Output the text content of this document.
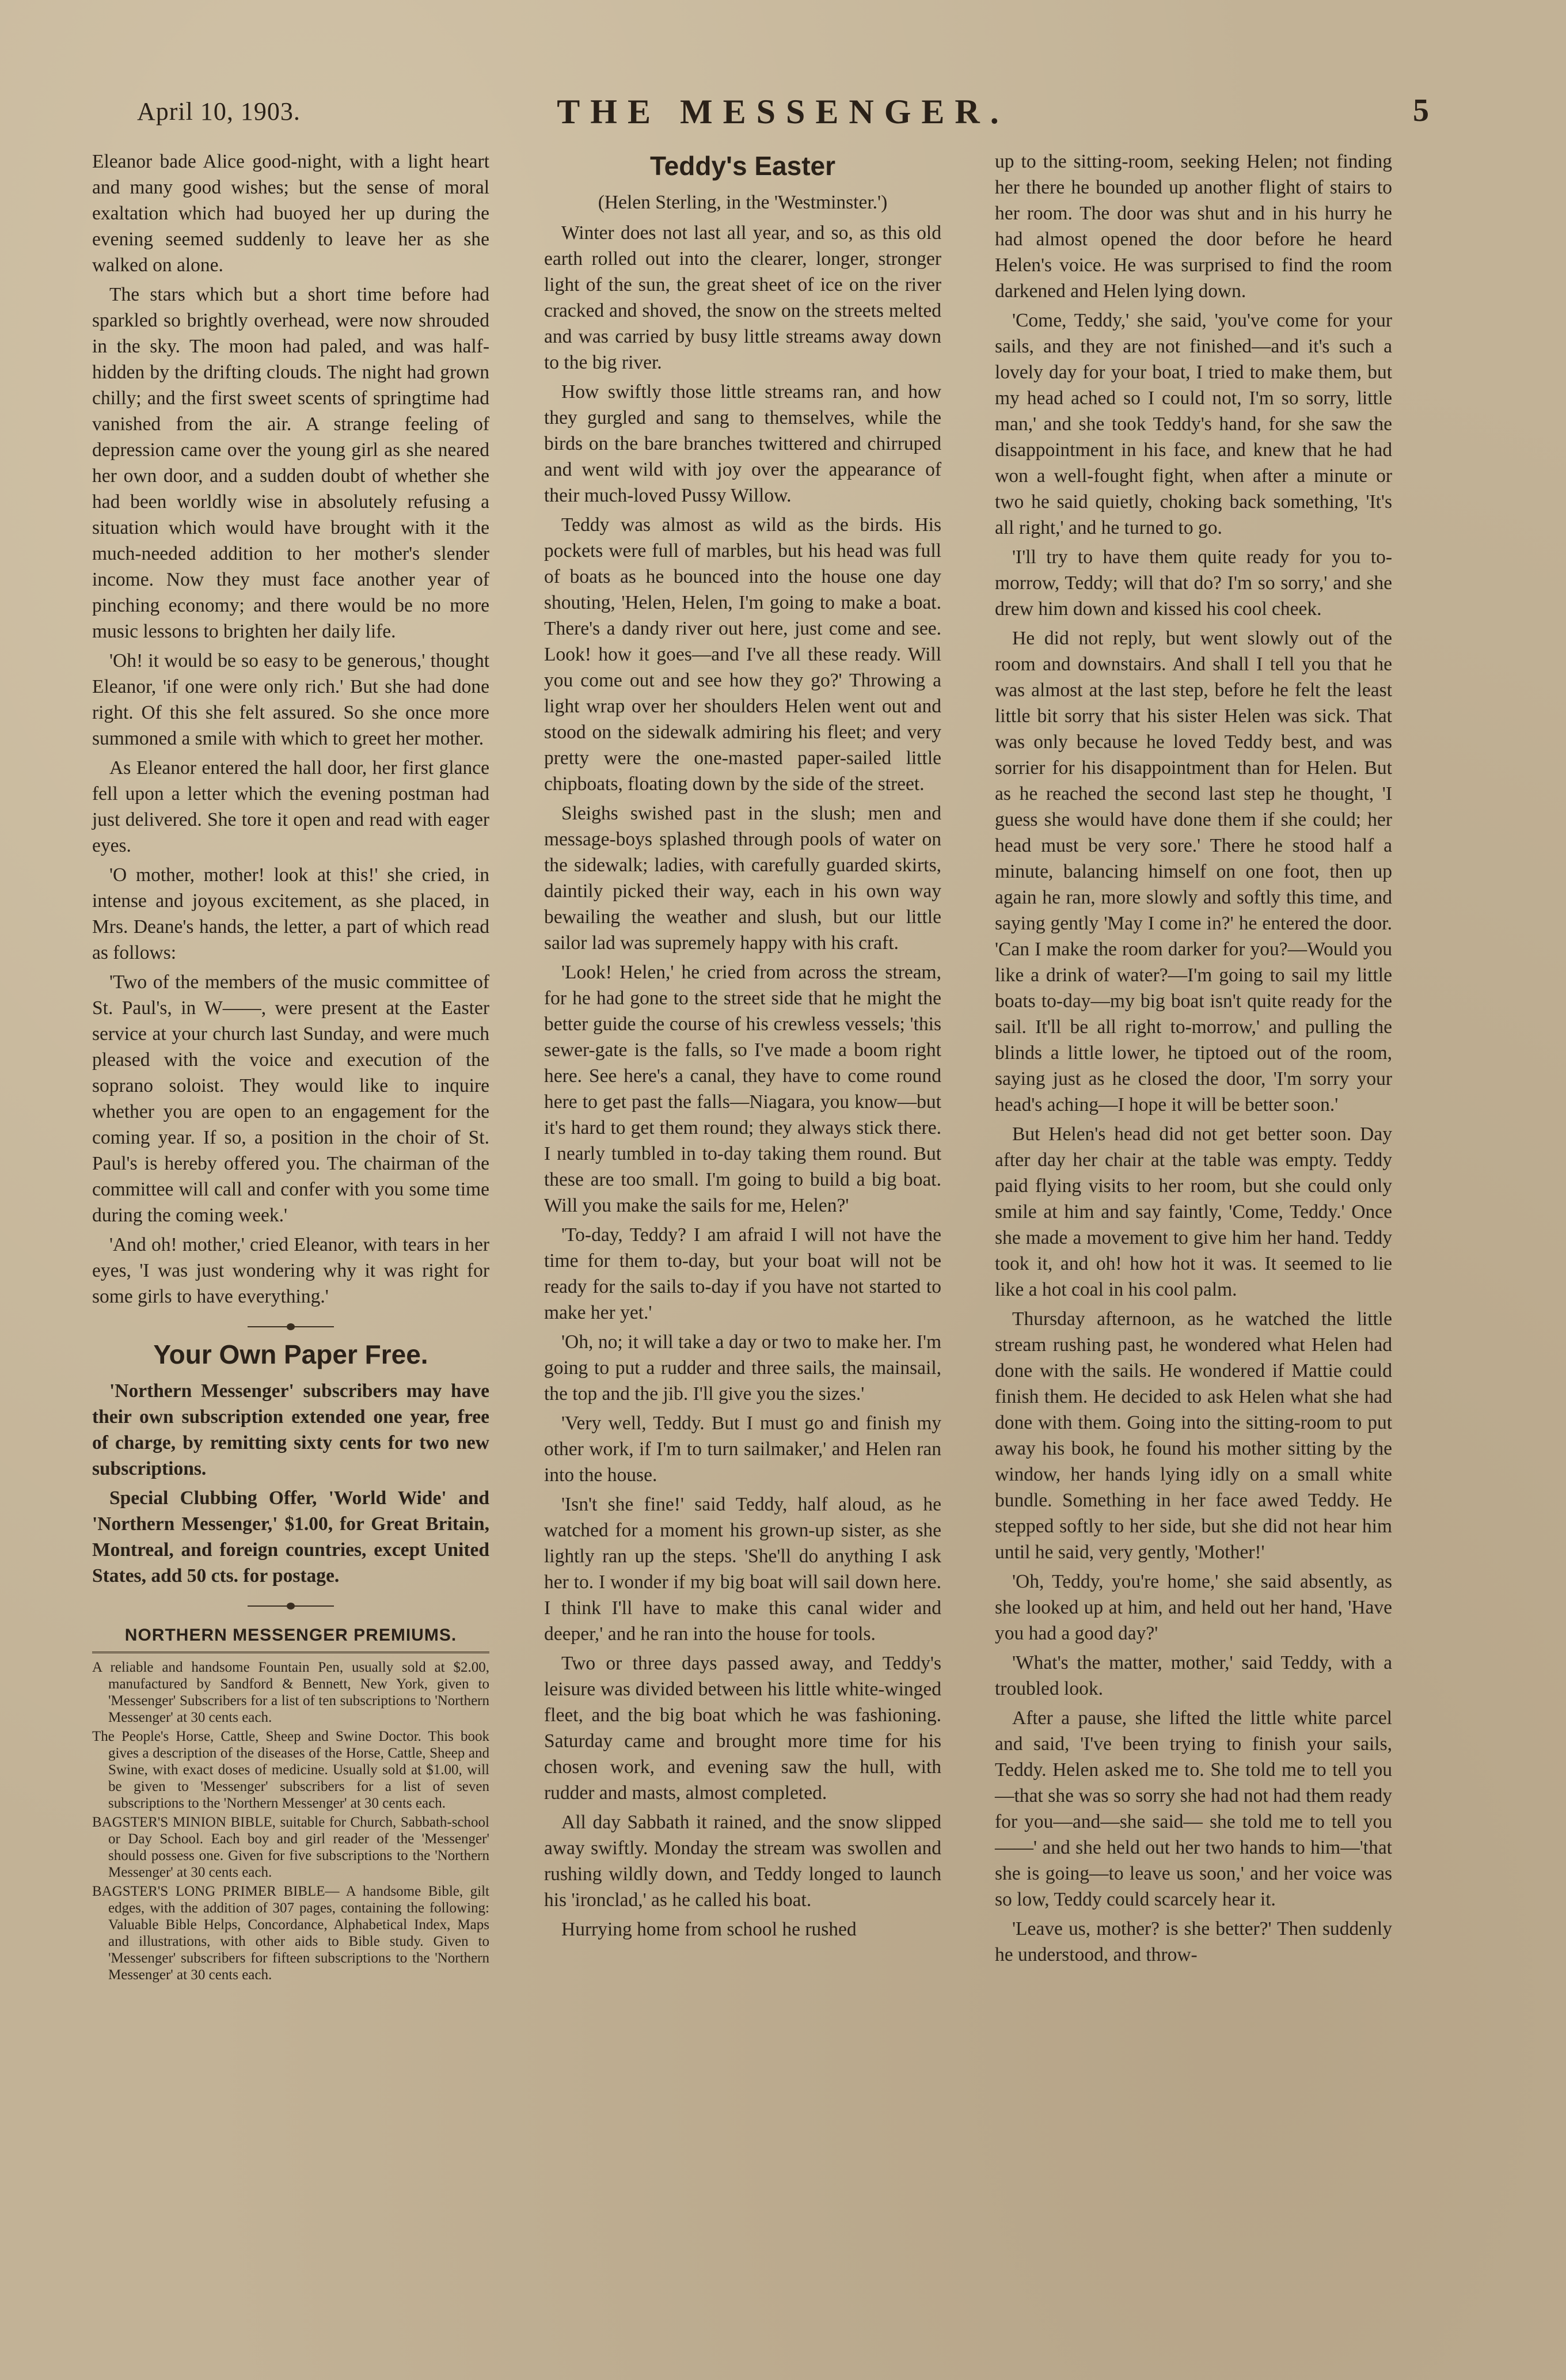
April 10, 1903.	THE MESSENGER.	5

Eleanor bade Alice good-night, with a light heart and many good wishes; but the sense of moral exaltation which had buoyed her up during the evening seemed suddenly to leave her as she walked on alone.

The stars which but a short time before had sparkled so brightly overhead, were now shrouded in the sky. The moon had paled, and was half-hidden by the drifting clouds. The night had grown chilly; and the first sweet scents of springtime had vanished from the air. A strange feeling of depression came over the young girl as she neared her own door, and a sudden doubt of whether she had been worldly wise in absolutely refusing a situation which would have brought with it the much-needed addition to her mother's slender income. Now they must face another year of pinching economy; and there would be no more music lessons to brighten her daily life.

'Oh! it would be so easy to be generous,' thought Eleanor, 'if one were only rich.' But she had done right. Of this she felt assured. So she once more summoned a smile with which to greet her mother.

As Eleanor entered the hall door, her first glance fell upon a letter which the evening postman had just delivered. She tore it open and read with eager eyes.

'O mother, mother! look at this!' she cried, in intense and joyous excitement, as she placed, in Mrs. Deane's hands, the letter, a part of which read as follows:

'Two of the members of the music committee of St. Paul's, in W——, were present at the Easter service at your church last Sunday, and were much pleased with the voice and execution of the soprano soloist. They would like to inquire whether you are open to an engagement for the coming year. If so, a position in the choir of St. Paul's is hereby offered you. The chairman of the committee will call and confer with you some time during the coming week.'

'And oh! mother,' cried Eleanor, with tears in her eyes, 'I was just wondering why it was right for some girls to have everything.'

Your Own Paper Free.

'Northern Messenger' subscribers may have their own subscription extended one year, free of charge, by remitting sixty cents for two new subscriptions.

Special Clubbing Offer, 'World Wide' and 'Northern Messenger,' $1.00, for Great Britain, Montreal, and foreign countries, except United States, add 50 cts. for postage.

NORTHERN MESSENGER PREMIUMS.

A reliable and handsome Fountain Pen, usually sold at $2.00, manufactured by Sandford & Bennett, New York, given to 'Messenger' Subscribers for a list of ten subscriptions to 'Northern Messenger' at 30 cents each.

The People's Horse, Cattle, Sheep and Swine Doctor. This book gives a description of the diseases of the Horse, Cattle, Sheep and Swine, with exact doses of medicine. Usually sold at $1.00, will be given to 'Messenger' subscribers for a list of seven subscriptions to the 'Northern Messenger' at 30 cents each.

BAGSTER'S MINION BIBLE, suitable for Church, Sabbath-school or Day School. Each boy and girl reader of the 'Messenger' should possess one. Given for five subscriptions to the 'Northern Messenger' at 30 cents each.

BAGSTER'S LONG PRIMER BIBLE— A handsome Bible, gilt edges, with the addition of 307 pages, containing the following: Valuable Bible Helps, Concordance, Alphabetical Index, Maps and illustrations, with other aids to Bible study. Given to 'Messenger' subscribers for fifteen subscriptions to the 'Northern Messenger' at 30 cents each.

Teddy's Easter
(Helen Sterling, in the 'Westminster.')

Winter does not last all year, and so, as this old earth rolled out into the clearer, longer, stronger light of the sun, the great sheet of ice on the river cracked and shoved, the snow on the streets melted and was carried by busy little streams away down to the big river.

How swiftly those little streams ran, and how they gurgled and sang to themselves, while the birds on the bare branches twittered and chirruped and went wild with joy over the appearance of their much-loved Pussy Willow.

Teddy was almost as wild as the birds. His pockets were full of marbles, but his head was full of boats as he bounced into the house one day shouting, 'Helen, Helen, I'm going to make a boat. There's a dandy river out here, just come and see. Look! how it goes—and I've all these ready. Will you come out and see how they go?' Throwing a light wrap over her shoulders Helen went out and stood on the sidewalk admiring his fleet; and very pretty were the one-masted paper-sailed little chipboats, floating down by the side of the street.

Sleighs swished past in the slush; men and message-boys splashed through pools of water on the sidewalk; ladies, with carefully guarded skirts, daintily picked their way, each in his own way bewailing the weather and slush, but our little sailor lad was supremely happy with his craft.

'Look! Helen,' he cried from across the stream, for he had gone to the street side that he might the better guide the course of his crewless vessels; 'this sewer-gate is the falls, so I've made a boom right here. See here's a canal, they have to come round here to get past the falls—Niagara, you know—but it's hard to get them round; they always stick there. I nearly tumbled in to-day taking them round. But these are too small. I'm going to build a big boat. Will you make the sails for me, Helen?'

'To-day, Teddy? I am afraid I will not have the time for them to-day, but your boat will not be ready for the sails to-day if you have not started to make her yet.'

'Oh, no; it will take a day or two to make her. I'm going to put a rudder and three sails, the mainsail, the top and the jib. I'll give you the sizes.'

'Very well, Teddy. But I must go and finish my other work, if I'm to turn sailmaker,' and Helen ran into the house.

'Isn't she fine!' said Teddy, half aloud, as he watched for a moment his grown-up sister, as she lightly ran up the steps. 'She'll do anything I ask her to. I wonder if my big boat will sail down here. I think I'll have to make this canal wider and deeper,' and he ran into the house for tools.

Two or three days passed away, and Teddy's leisure was divided between his little white-winged fleet, and the big boat which he was fashioning. Saturday came and brought more time for his chosen work, and evening saw the hull, with rudder and masts, almost completed.

All day Sabbath it rained, and the snow slipped away swiftly. Monday the stream was swollen and rushing wildly down, and Teddy longed to launch his 'ironclad,' as he called his boat.

Hurrying home from school he rushed

up to the sitting-room, seeking Helen; not finding her there he bounded up another flight of stairs to her room. The door was shut and in his hurry he had almost opened the door before he heard Helen's voice. He was surprised to find the room darkened and Helen lying down.

'Come, Teddy,' she said, 'you've come for your sails, and they are not finished—and it's such a lovely day for your boat, I tried to make them, but my head ached so I could not, I'm so sorry, little man,' and she took Teddy's hand, for she saw the disappointment in his face, and knew that he had won a well-fought fight, when after a minute or two he said quietly, choking back something, 'It's all right,' and he turned to go.

'I'll try to have them quite ready for you to-morrow, Teddy; will that do? I'm so sorry,' and she drew him down and kissed his cool cheek.

He did not reply, but went slowly out of the room and downstairs. And shall I tell you that he was almost at the last step, before he felt the least little bit sorry that his sister Helen was sick. That was only because he loved Teddy best, and was sorrier for his disappointment than for Helen. But as he reached the second last step he thought, 'I guess she would have done them if she could; her head must be very sore.' There he stood half a minute, balancing himself on one foot, then up again he ran, more slowly and softly this time, and saying gently 'May I come in?' he entered the door. 'Can I make the room darker for you?—Would you like a drink of water?—I'm going to sail my little boats to-day—my big boat isn't quite ready for the sail. It'll be all right to-morrow,' and pulling the blinds a little lower, he tiptoed out of the room, saying just as he closed the door, 'I'm sorry your head's aching—I hope it will be better soon.'

But Helen's head did not get better soon. Day after day her chair at the table was empty. Teddy paid flying visits to her room, but she could only smile at him and say faintly, 'Come, Teddy.' Once she made a movement to give him her hand. Teddy took it, and oh! how hot it was. It seemed to lie like a hot coal in his cool palm.

Thursday afternoon, as he watched the little stream rushing past, he wondered what Helen had done with the sails. He wondered if Mattie could finish them. He decided to ask Helen what she had done with them. Going into the sitting-room to put away his book, he found his mother sitting by the window, her hands lying idly on a small white bundle. Something in her face awed Teddy. He stepped softly to her side, but she did not hear him until he said, very gently, 'Mother!'

'Oh, Teddy, you're home,' she said absently, as she looked up at him, and held out her hand, 'Have you had a good day?'

'What's the matter, mother,' said Teddy, with a troubled look.

After a pause, she lifted the little white parcel and said, 'I've been trying to finish your sails, Teddy. Helen asked me to. She told me to tell you—that she was so sorry she had not had them ready for you—and—she said— she told me to tell you ——' and she held out her two hands to him—'that she is going—to leave us soon,' and her voice was so low, Teddy could scarcely hear it.

'Leave us, mother? is she better?' Then suddenly he understood, and throw-
